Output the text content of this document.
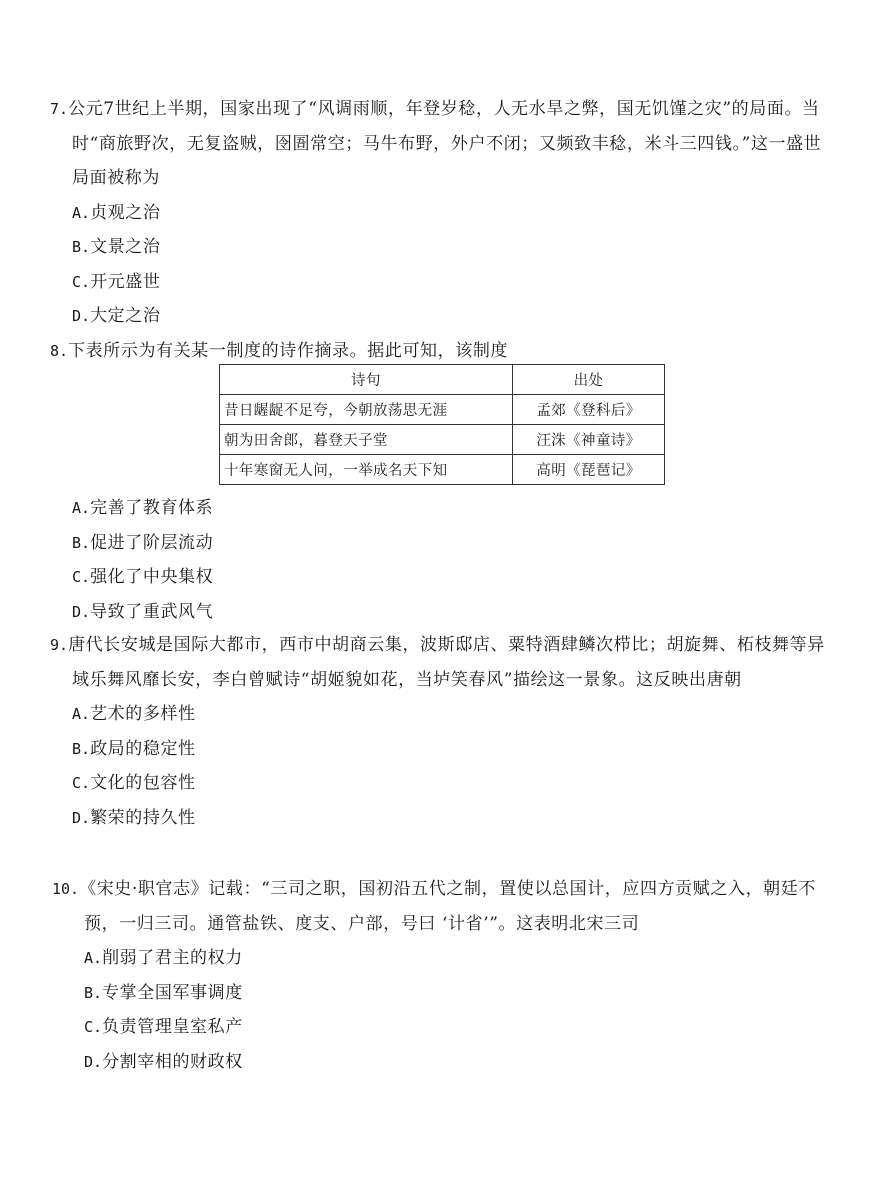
7.公元7世纪上半期，国家出现了“风调雨顺，年登岁稔，人无水旱之弊，国无饥馑之灾”的局面。当时“商旅野次，无复盗贼，囹圄常空；马牛布野，外户不闭；又频致丰稔，米斗三四钱。”这一盛世局面被称为

A.贞观之治
B.文景之治
C.开元盛世
D.大定之治

8.下表所示为有关某一制度的诗作摘录。据此可知，该制度

诗句	出处
昔日龌龊不足夸，今朝放荡思无涯	孟郊《登科后》
朝为田舍郎，暮登天子堂	汪洙《神童诗》
十年寒窗无人问，一举成名天下知	高明《琵琶记》
A.完善了教育体系
B.促进了阶层流动
C.强化了中央集权
D.导致了重武风气

9.唐代长安城是国际大都市，西市中胡商云集，波斯邸店、粟特酒肆鳞次栉比；胡旋舞、柘枝舞等异域乐舞风靡长安，李白曾赋诗“胡姬貌如花，当垆笑春风”描绘这一景象。这反映出唐朝

A.艺术的多样性
B.政局的稳定性
C.文化的包容性
D.繁荣的持久性

10.《宋史·职官志》记载：“三司之职，国初沿五代之制，置使以总国计，应四方贡赋之入，朝廷不预，一归三司。通管盐铁、度支、户部，号曰 ‘计省’”。这表明北宋三司

A.削弱了君主的权力
B.专掌全国军事调度
C.负责管理皇室私产
D.分割宰相的财政权
